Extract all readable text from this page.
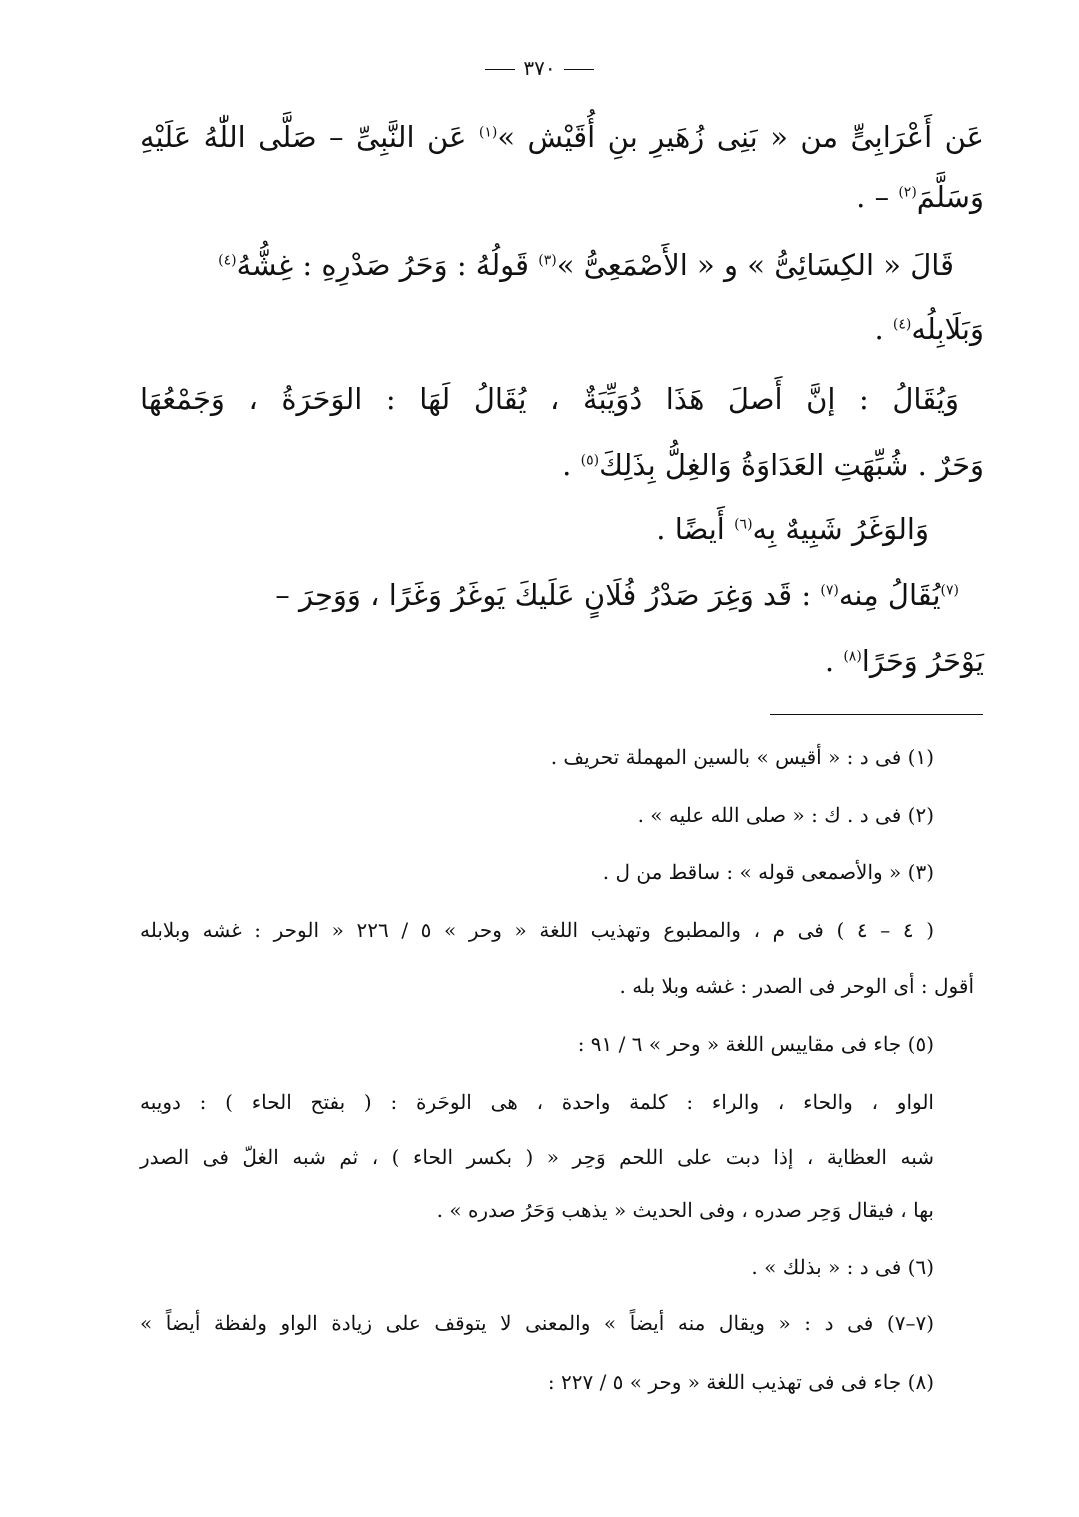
٣٧٠
عَن أَعْرَابِىٍّ من « بَنِى زُهَيرِ بنِ أُقَيْش »$^{(١)}$ عَن النَّبِىِّ – صَلَّى اللّٰهُ عَلَيْهِ
وَسَلَّمَ$^{(٢)}$ – .
قَالَ « الكِسَائِىُّ » و « الأَصْمَعِىُّ »$^{(٣)}$ قَولُهُ : وَحَرُ صَدْرِهِ : غِشُّهُ$^{(٤)}$
وَبَلَابِلُه$^{(٤)}$ .
وَيُقَالُ : إنَّ أَصلَ هَذَا دُوَيِّبَةٌ ، يُقَالُ لَهَا : الوَحَرَةُ ، وَجَمْعُهَا
وَحَرٌ . شُبِّهَتِ العَدَاوَةُ وَالغِلُّ بِذَلِكَ$^{(٥)}$ .
وَالوَغَرُ شَبِيهٌ بِه$^{(٦)}$ أَيضًا .
$^{(٧)}$يُقَالُ مِنه$^{(٧)}$ : قَد وَغِرَ صَدْرُ فُلَانٍ عَلَيكَ يَوغَرُ وَغَرًا ، وَوَحِرَ –
يَوْحَرُ وَحَرًا$^{(٨)}$ .
(١) فى د : « أقيس » بالسين المهملة تحريف .
(٢) فى د . ك : « صلى الله عليه » .
(٣) « والأصمعى قوله » : ساقط من ل .
( ٤ – ٤ ) فى م ، والمطبوع وتهذيب اللغة « وحر » ٥ / ٢٢٦ « الوحر : غشه وبلابله
أقول : أى الوحر فى الصدر : غشه وبلا بله .
(٥) جاء فى مقاييس اللغة « وحر » ٦ / ٩١ :
الواو ، والحاء ، والراء : كلمة واحدة ، هى الوحَرة : ( بفتح الحاء ) : دويبه
شبه العظاية ، إذا دبت على اللحم وَحِر « ( بكسر الحاء ) ، ثم شبه الغلّ فى الصدر
بها ، فيقال وَحِر صدره ، وفى الحديث « يذهب وَحَرُ صدره » .
(٦) فى د : « بذلك » .
(٧–٧) فى د : « ويقال منه أيضاً » والمعنى لا يتوقف على زيادة الواو ولفظة أيضاً »
(٨) جاء فى فى تهذيب اللغة « وحر » ٥ / ٢٢٧ :
